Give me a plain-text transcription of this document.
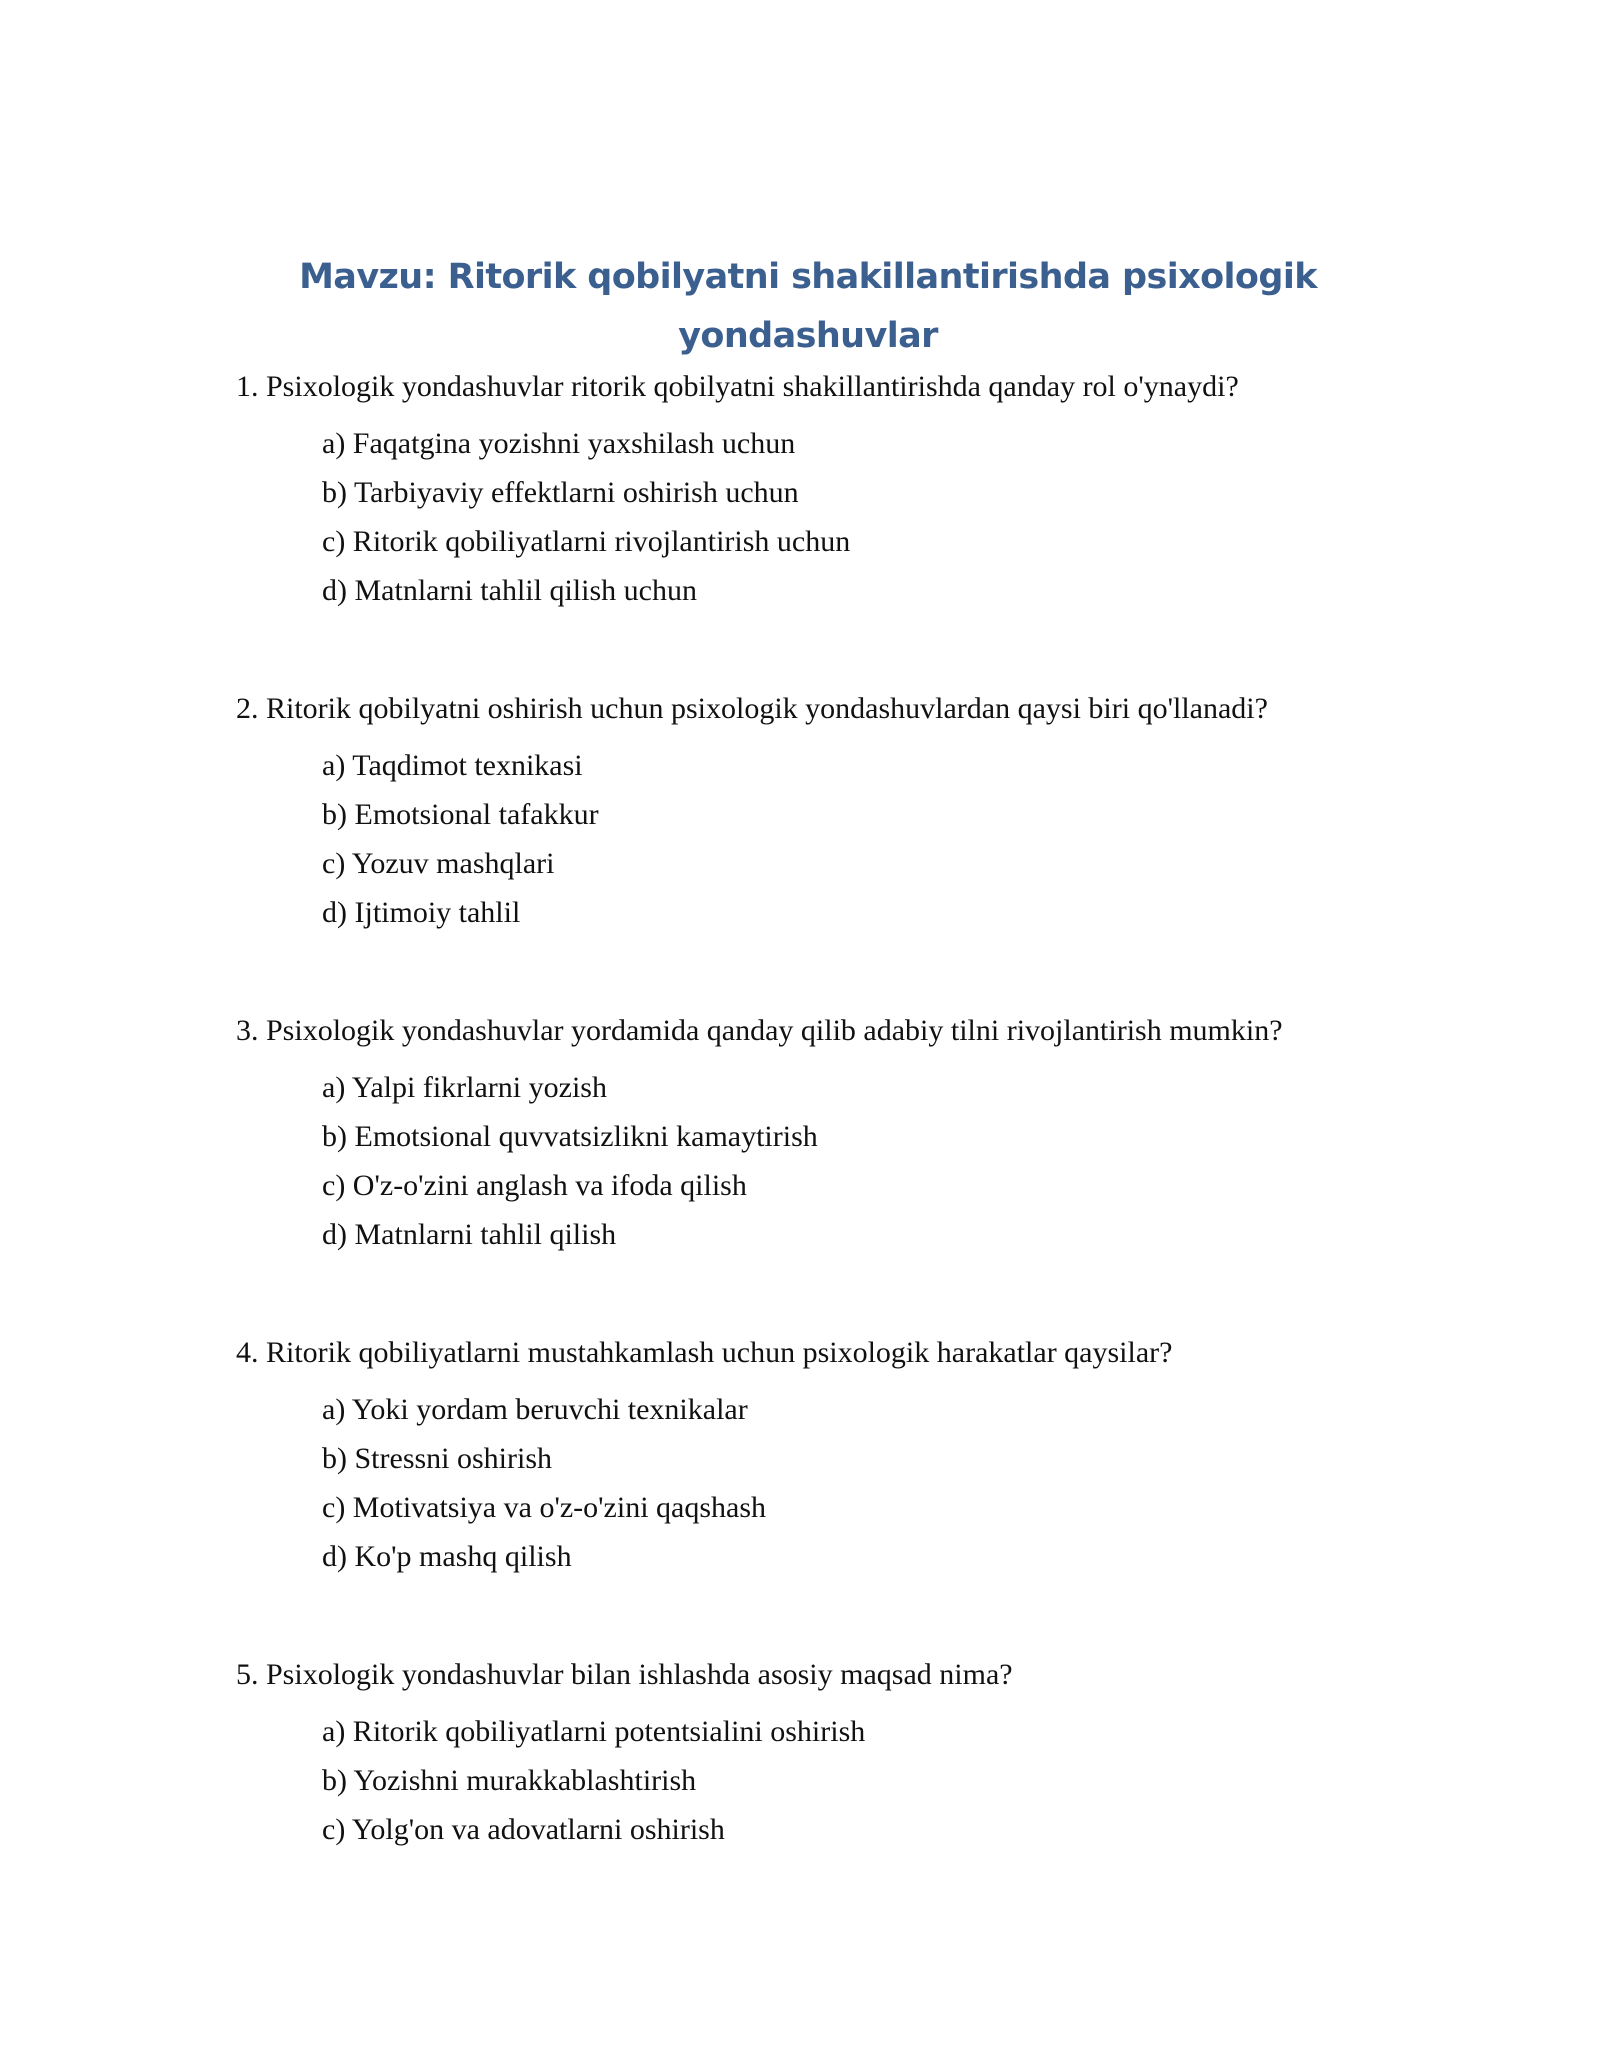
Mavzu: Ritorik qobilyatni shakillantirishda psixologik yondashuvlar

1. Psixologik yondashuvlar ritorik qobilyatni shakillantirishda qanday rol o'ynaydi?

a) Faqatgina yozishni yaxshilash uchun
b) Tarbiyaviy effektlarni oshirish uchun
c) Ritorik qobiliyatlarni rivojlantirish uchun
d) Matnlarni tahlil qilish uchun

2. Ritorik qobilyatni oshirish uchun psixologik yondashuvlardan qaysi biri qo'llanadi?

a) Taqdimot texnikasi
b) Emotsional tafakkur
c) Yozuv mashqlari
d) Ijtimoiy tahlil

3. Psixologik yondashuvlar yordamida qanday qilib adabiy tilni rivojlantirish mumkin?

a) Yalpi fikrlarni yozish
b) Emotsional quvvatsizlikni kamaytirish
c) O'z-o'zini anglash va ifoda qilish
d) Matnlarni tahlil qilish

4. Ritorik qobiliyatlarni mustahkamlash uchun psixologik harakatlar qaysilar?

a) Yoki yordam beruvchi texnikalar
b) Stressni oshirish
c) Motivatsiya va o'z-o'zini qaqshash
d) Ko'p mashq qilish

5. Psixologik yondashuvlar bilan ishlashda asosiy maqsad nima?

a) Ritorik qobiliyatlarni potentsialini oshirish
b) Yozishni murakkablashtirish
c) Yolg'on va adovatlarni oshirish
